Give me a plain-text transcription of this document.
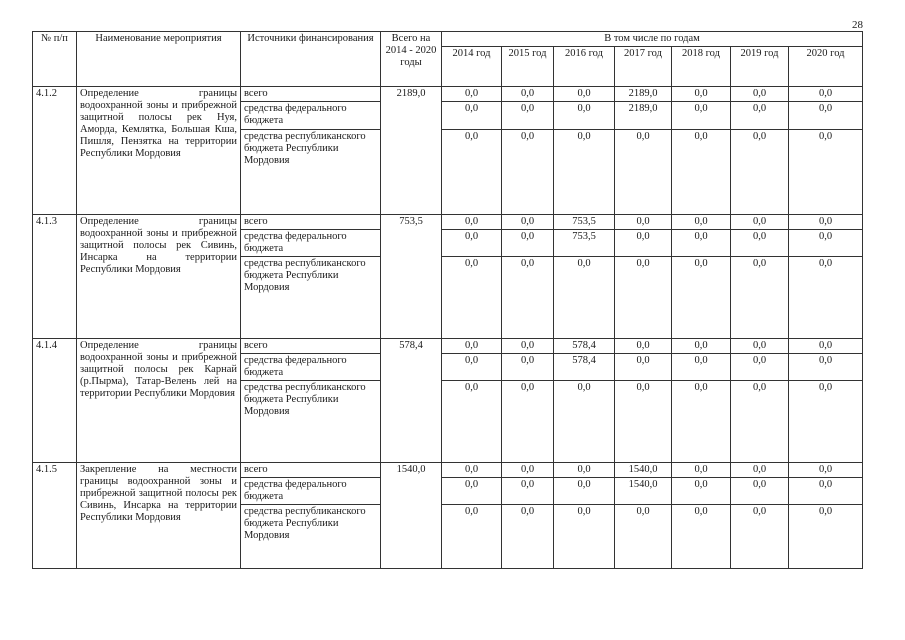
28
№ п/п	Наименование мероприятия	Источники финансирования	Всего на 2014 - 2020 годы	В том числе по годам						
				2014 год	2015 год	2016 год	2017 год	2018 год	2019 год	2020 год
4.1.2	Определение границы водоохранной зоны и прибрежной защитной полосы рек Нуя, Аморда, Кемлятка, Большая Кша, Пишля, Пензятка на территории Республики Мордовия	всего	2189,0	0,0	0,0	0,0	2189,0	0,0	0,0	0,0
		средства федерального бюджета		0,0	0,0	0,0	2189,0	0,0	0,0	0,0
		средства республиканского бюджета Республики Мордовия		0,0	0,0	0,0	0,0	0,0	0,0	0,0
4.1.3	Определение границы водоохранной зоны и прибрежной защитной полосы рек Сивинь, Инсарка на территории Республики Мордовия	всего	753,5	0,0	0,0	753,5	0,0	0,0	0,0	0,0
		средства федерального бюджета		0,0	0,0	753,5	0,0	0,0	0,0	0,0
		средства республиканского бюджета Республики Мордовия		0,0	0,0	0,0	0,0	0,0	0,0	0,0
4.1.4	Определение границы водоохранной зоны и прибрежной защитной полосы рек Карнай (р.Пырма), Татар-Велень лей на территории Республики Мордовия	всего	578,4	0,0	0,0	578,4	0,0	0,0	0,0	0,0
		средства федерального бюджета		0,0	0,0	578,4	0,0	0,0	0,0	0,0
		средства республиканского бюджета Республики Мордовия		0,0	0,0	0,0	0,0	0,0	0,0	0,0
4.1.5	Закрепление на местности границы водоохранной зоны и прибрежной защитной полосы рек Сивинь, Инсарка на территории Республики Мордовия	всего	1540,0	0,0	0,0	0,0	1540,0	0,0	0,0	0,0
		средства федерального бюджета		0,0	0,0	0,0	1540,0	0,0	0,0	0,0
		средства республиканского бюджета Республики Мордовия		0,0	0,0	0,0	0,0	0,0	0,0	0,0
